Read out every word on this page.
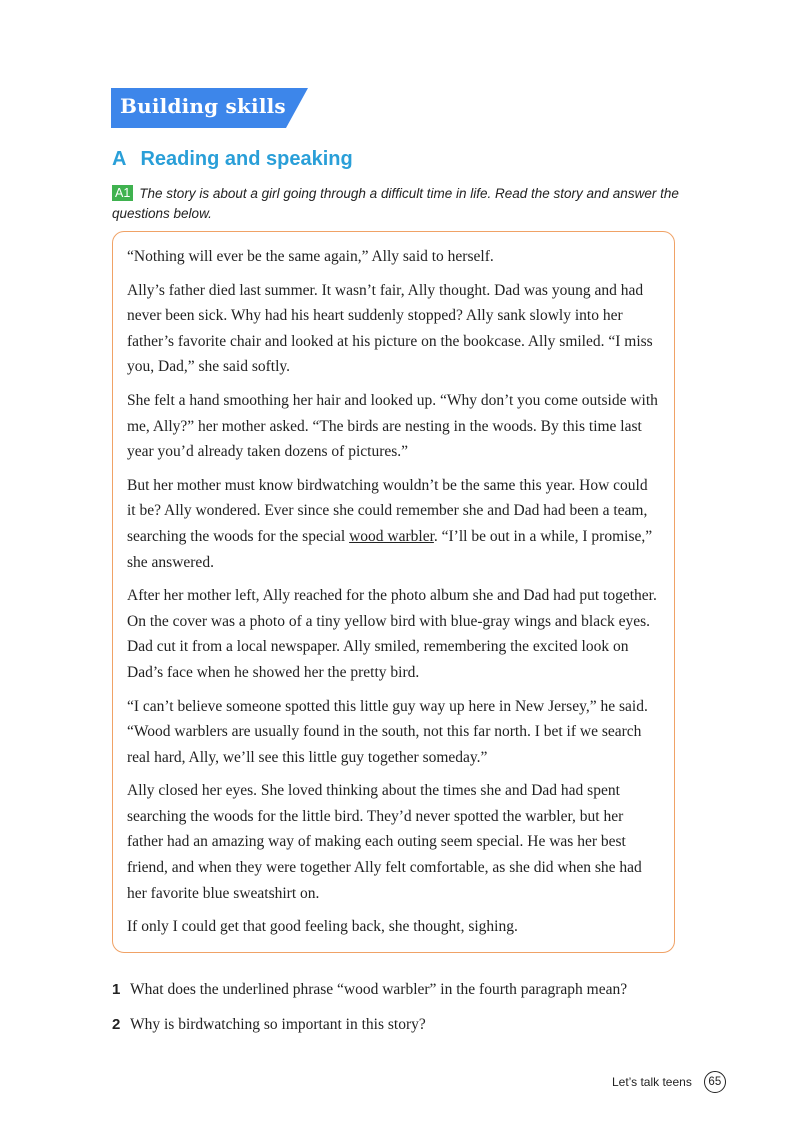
Building skills
A Reading and speaking
A1 The story is about a girl going through a difficult time in life. Read the story and answer the questions below.

“Nothing will ever be the same again,” Ally said to herself.

Ally’s father died last summer. It wasn’t fair, Ally thought. Dad was young and had never been sick. Why had his heart suddenly stopped? Ally sank slowly into her father’s favorite chair and looked at his picture on the bookcase. Ally smiled. “I miss you, Dad,” she said softly.

She felt a hand smoothing her hair and looked up. “Why don’t you come outside with me, Ally?” her mother asked. “The birds are nesting in the woods. By this time last year you’d already taken dozens of pictures.”

But her mother must know birdwatching wouldn’t be the same this year. How could it be? Ally wondered. Ever since she could remember she and Dad had been a team, searching the woods for the special wood warbler. “I’ll be out in a while, I promise,” she answered.

After her mother left, Ally reached for the photo album she and Dad had put together. On the cover was a photo of a tiny yellow bird with blue-gray wings and black eyes. Dad cut it from a local newspaper. Ally smiled, remembering the excited look on Dad’s face when he showed her the pretty bird.

“I can’t believe someone spotted this little guy way up here in New Jersey,” he said. “Wood warblers are usually found in the south, not this far north. I bet if we search real hard, Ally, we’ll see this little guy together someday.”

Ally closed her eyes. She loved thinking about the times she and Dad had spent searching the woods for the little bird. They’d never spotted the warbler, but her father had an amazing way of making each outing seem special. He was her best friend, and when they were together Ally felt comfortable, as she did when she had her favorite blue sweatshirt on.

If only I could get that good feeling back, she thought, sighing.

1 What does the underlined phrase “wood warbler” in the fourth paragraph mean?
2 Why is birdwatching so important in this story?
Let’s talk teens	65
